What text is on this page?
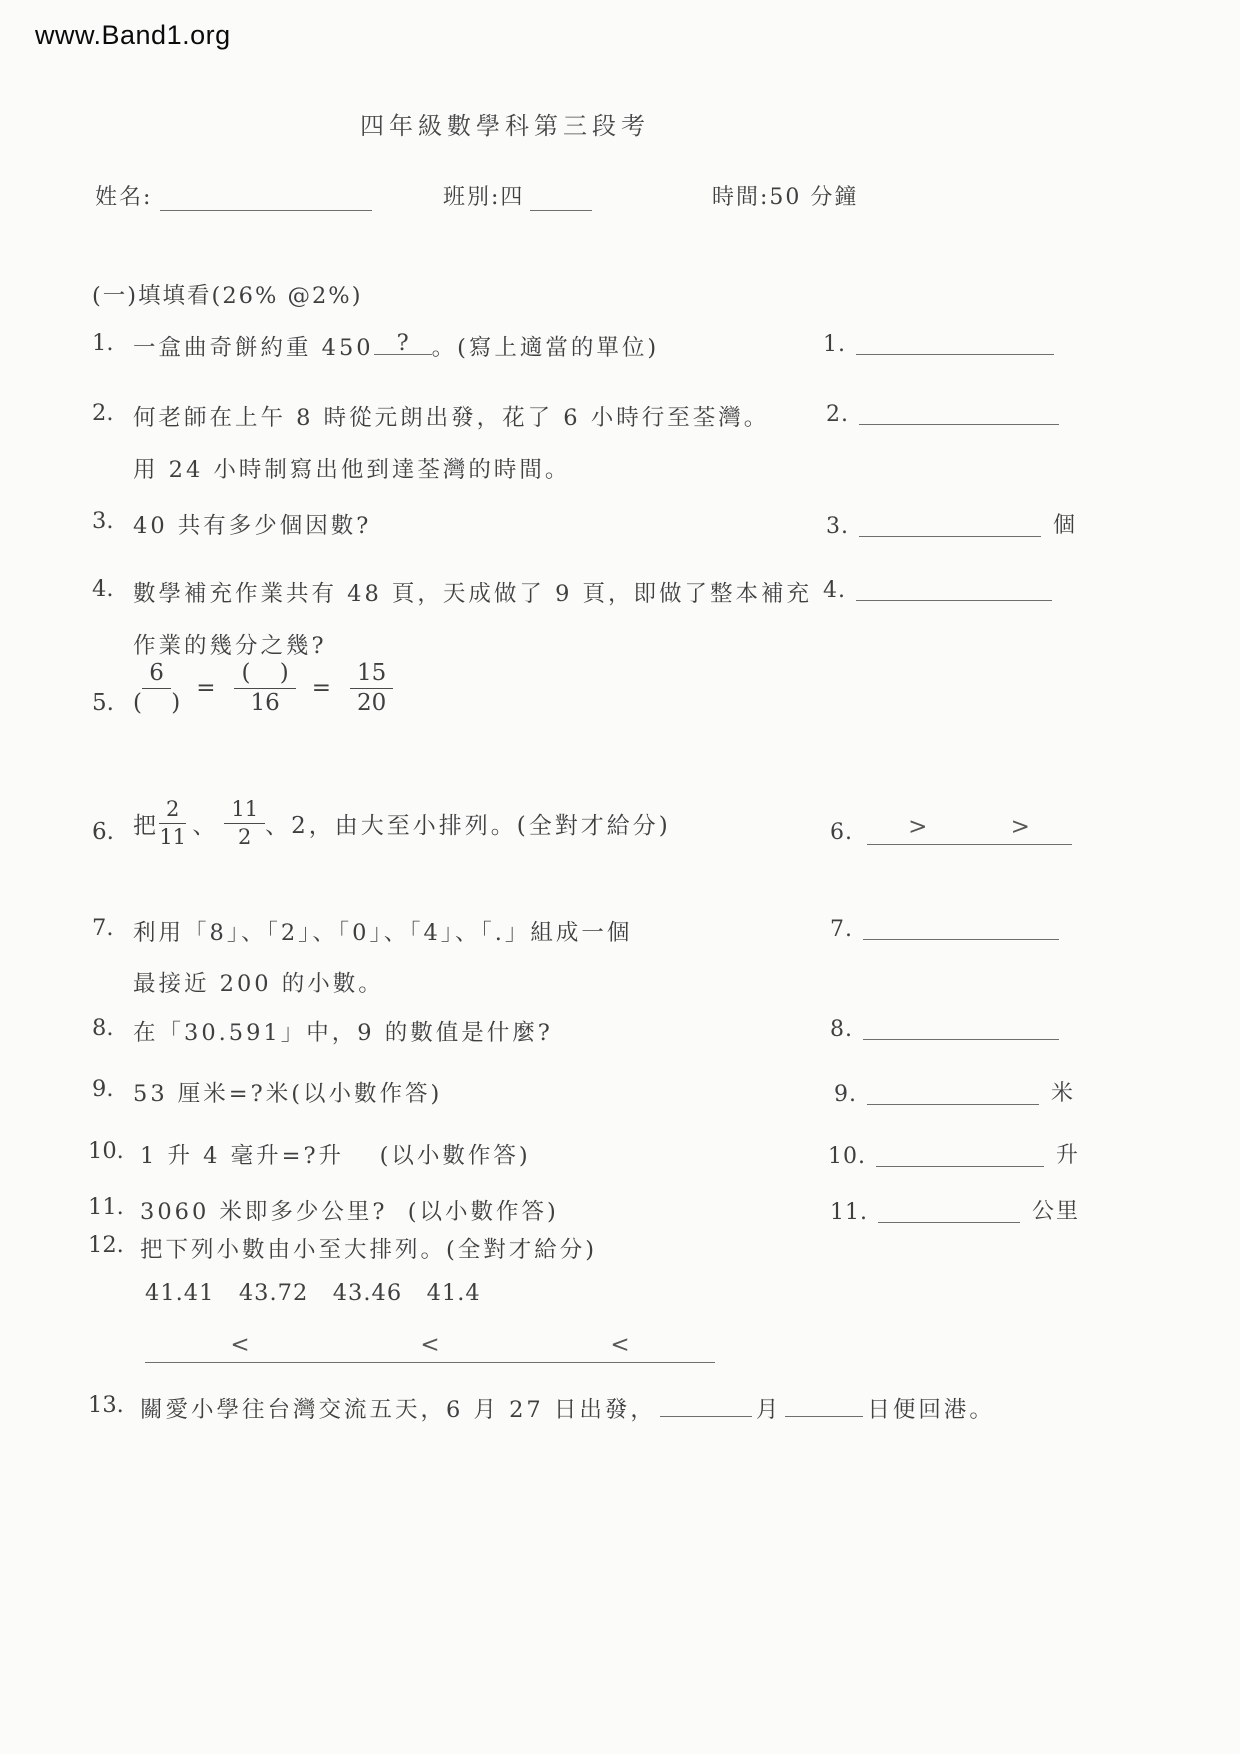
www.Band1.org
四年級數學科第三段考
姓名:	班別:四	時間:50 分鐘
(一)填填看(26% @2%)
1. 一盒曲奇餅約重 450	?	。(寫上適當的單位)	1.
2. 何老師在上午 8 時從元朗出發，花了 6 小時行至荃灣。
用 24 小時制寫出他到達荃灣的時間。
2.
3. 40 共有多少個因數?	3.	個
4. 數學補充作業共有 48 頁，天成做了 9 頁，即做了整本補充
作業的幾分之幾?
4.
5. $\frac{6}{( )} = \frac{( )}{16} = \frac{15}{20}$
6. 把 $\frac{2}{11}$ 、 $\frac{11}{2}$ 、2，由大至小排列。(全對才給分)	6. >	>
7. 利用「8」、「2」、「0」、「4」、「.」組成一個
最接近 200 的小數。
7.
8. 在「30.591」中，9 的數值是什麼?	8.
9. 53 厘米=?米(以小數作答)	9.	米
10. 1 升 4 毫升=?升　 (以小數作答)	10.	升
11. 3060 米即多少公里?  (以小數作答)	11.	公里
12. 把下列小數由小至大排列。(全對才給分)
41.41   43.72   43.46   41.4
<	<	<
13. 關愛小學往台灣交流五天，6 月 27 日出發，	月	日便回港。
